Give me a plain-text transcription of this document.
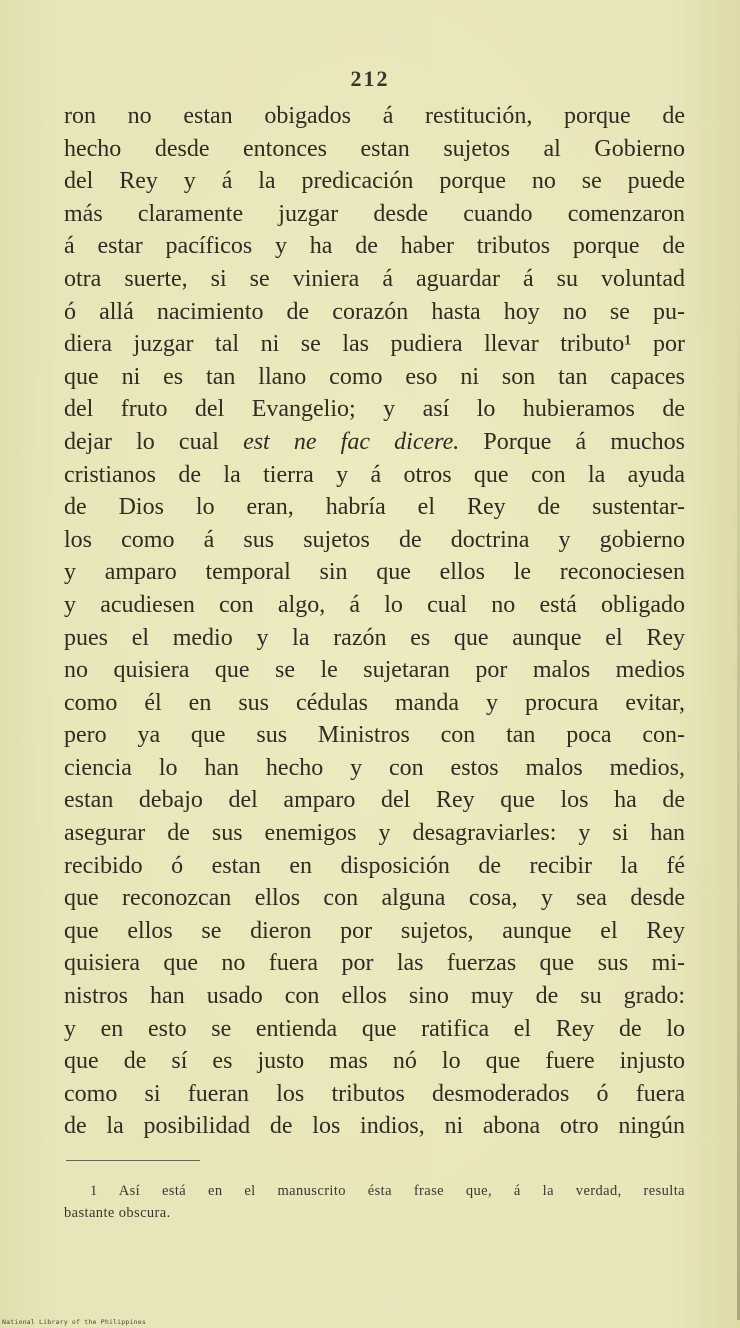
212
ron no estan obigados á restitución, porque de
hecho desde entonces estan sujetos al Gobierno
del Rey y á la predicación porque no se puede
más claramente juzgar desde cuando comenzaron
á estar pacíficos y ha de haber tributos porque de
otra suerte, si se viniera á aguardar á su voluntad
ó allá nacimiento de corazón hasta hoy no se pu-
diera juzgar tal ni se las pudiera llevar tributo¹ por
que ni es tan llano como eso ni son tan capaces
del fruto del Evangelio; y así lo hubieramos de
dejar lo cual est ne fac dicere. Porque á muchos
cristianos de la tierra y á otros que con la ayuda
de Dios lo eran, habría el Rey de sustentar-
los como á sus sujetos de doctrina y gobierno
y amparo temporal sin que ellos le reconociesen
y acudiesen con algo, á lo cual no está obligado
pues el medio y la razón es que aunque el Rey
no quisiera que se le sujetaran por malos medios
como él en sus cédulas manda y procura evitar,
pero ya que sus Ministros con tan poca con-
ciencia lo han hecho y con estos malos medios,
estan debajo del amparo del Rey que los ha de
asegurar de sus enemigos y desagraviarles: y si han
recibido ó estan en disposición de recibir la fé
que reconozcan ellos con alguna cosa, y sea desde
que ellos se dieron por sujetos, aunque el Rey
quisiera que no fuera por las fuerzas que sus mi-
nistros han usado con ellos sino muy de su grado:
y en esto se entienda que ratifica el Rey de lo
que de sí es justo mas nó lo que fuere injusto
como si fueran los tributos desmoderados ó fuera
de la posibilidad de los indios, ni abona otro ningún
1 Así está en el manuscrito ésta frase que, á la verdad, resulta
bastante obscura.
National Library of the Philippines
